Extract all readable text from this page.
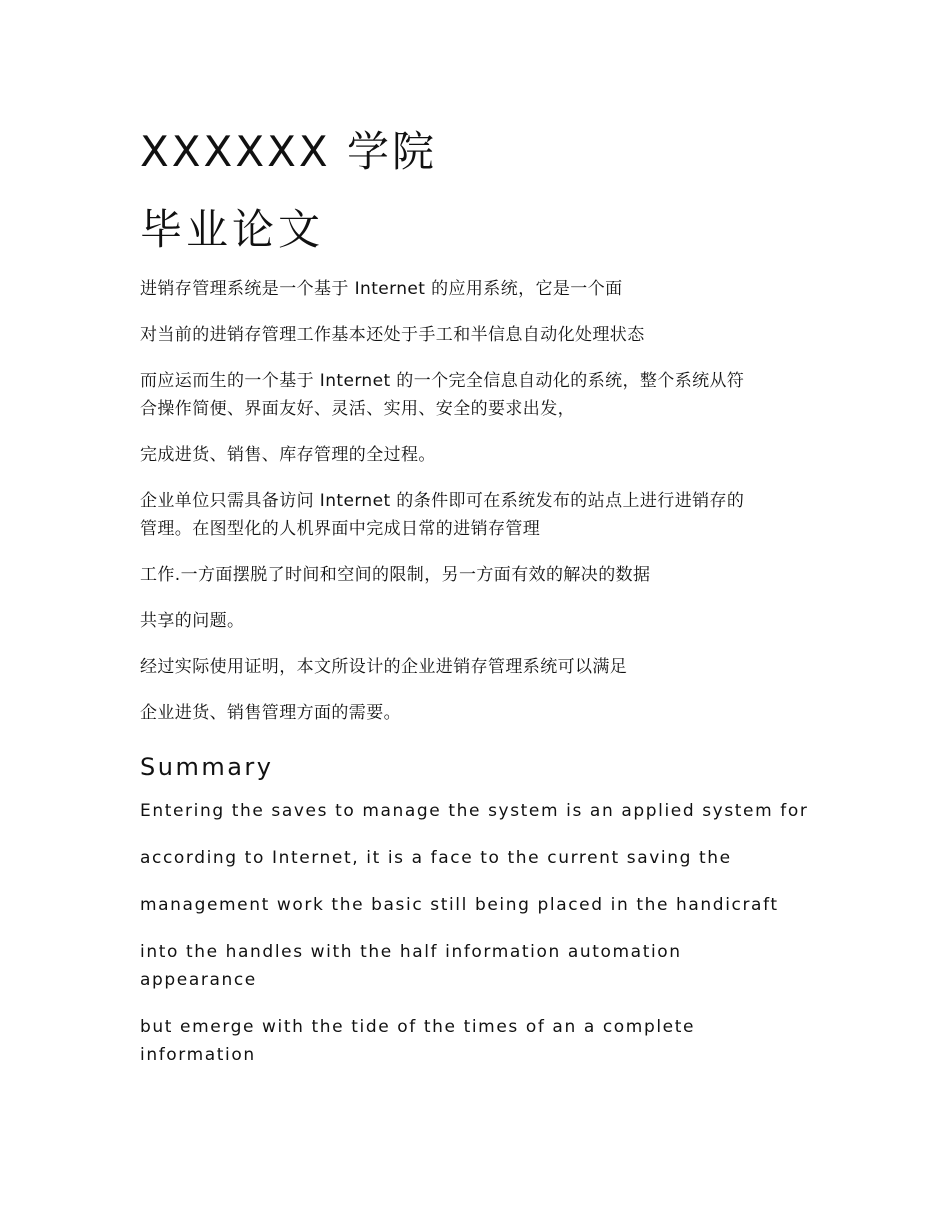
XXXXXX 学院
毕业论文

进销存管理系统是一个基于 Internet 的应用系统，它是一个面

对当前的进销存管理工作基本还处于手工和半信息自动化处理状态

而应运而生的一个基于 Internet 的一个完全信息自动化的系统，整个系统从符
合操作简便、界面友好、灵活、实用、安全的要求出发，

完成进货、销售、库存管理的全过程。

企业单位只需具备访问 Internet 的条件即可在系统发布的站点上进行进销存的
管理。在图型化的人机界面中完成日常的进销存管理

工作.一方面摆脱了时间和空间的限制，另一方面有效的解决的数据

共享的问题。

经过实际使用证明，本文所设计的企业进销存管理系统可以满足

企业进货、销售管理方面的需要。

Summary

Entering the saves to manage the system is an applied system for

according to Internet, it is a face to the current saving the

management work the basic still being placed in the handicraft

into the handles with the half information automation
appearance

but emerge with the tide of the times of an a complete
information
